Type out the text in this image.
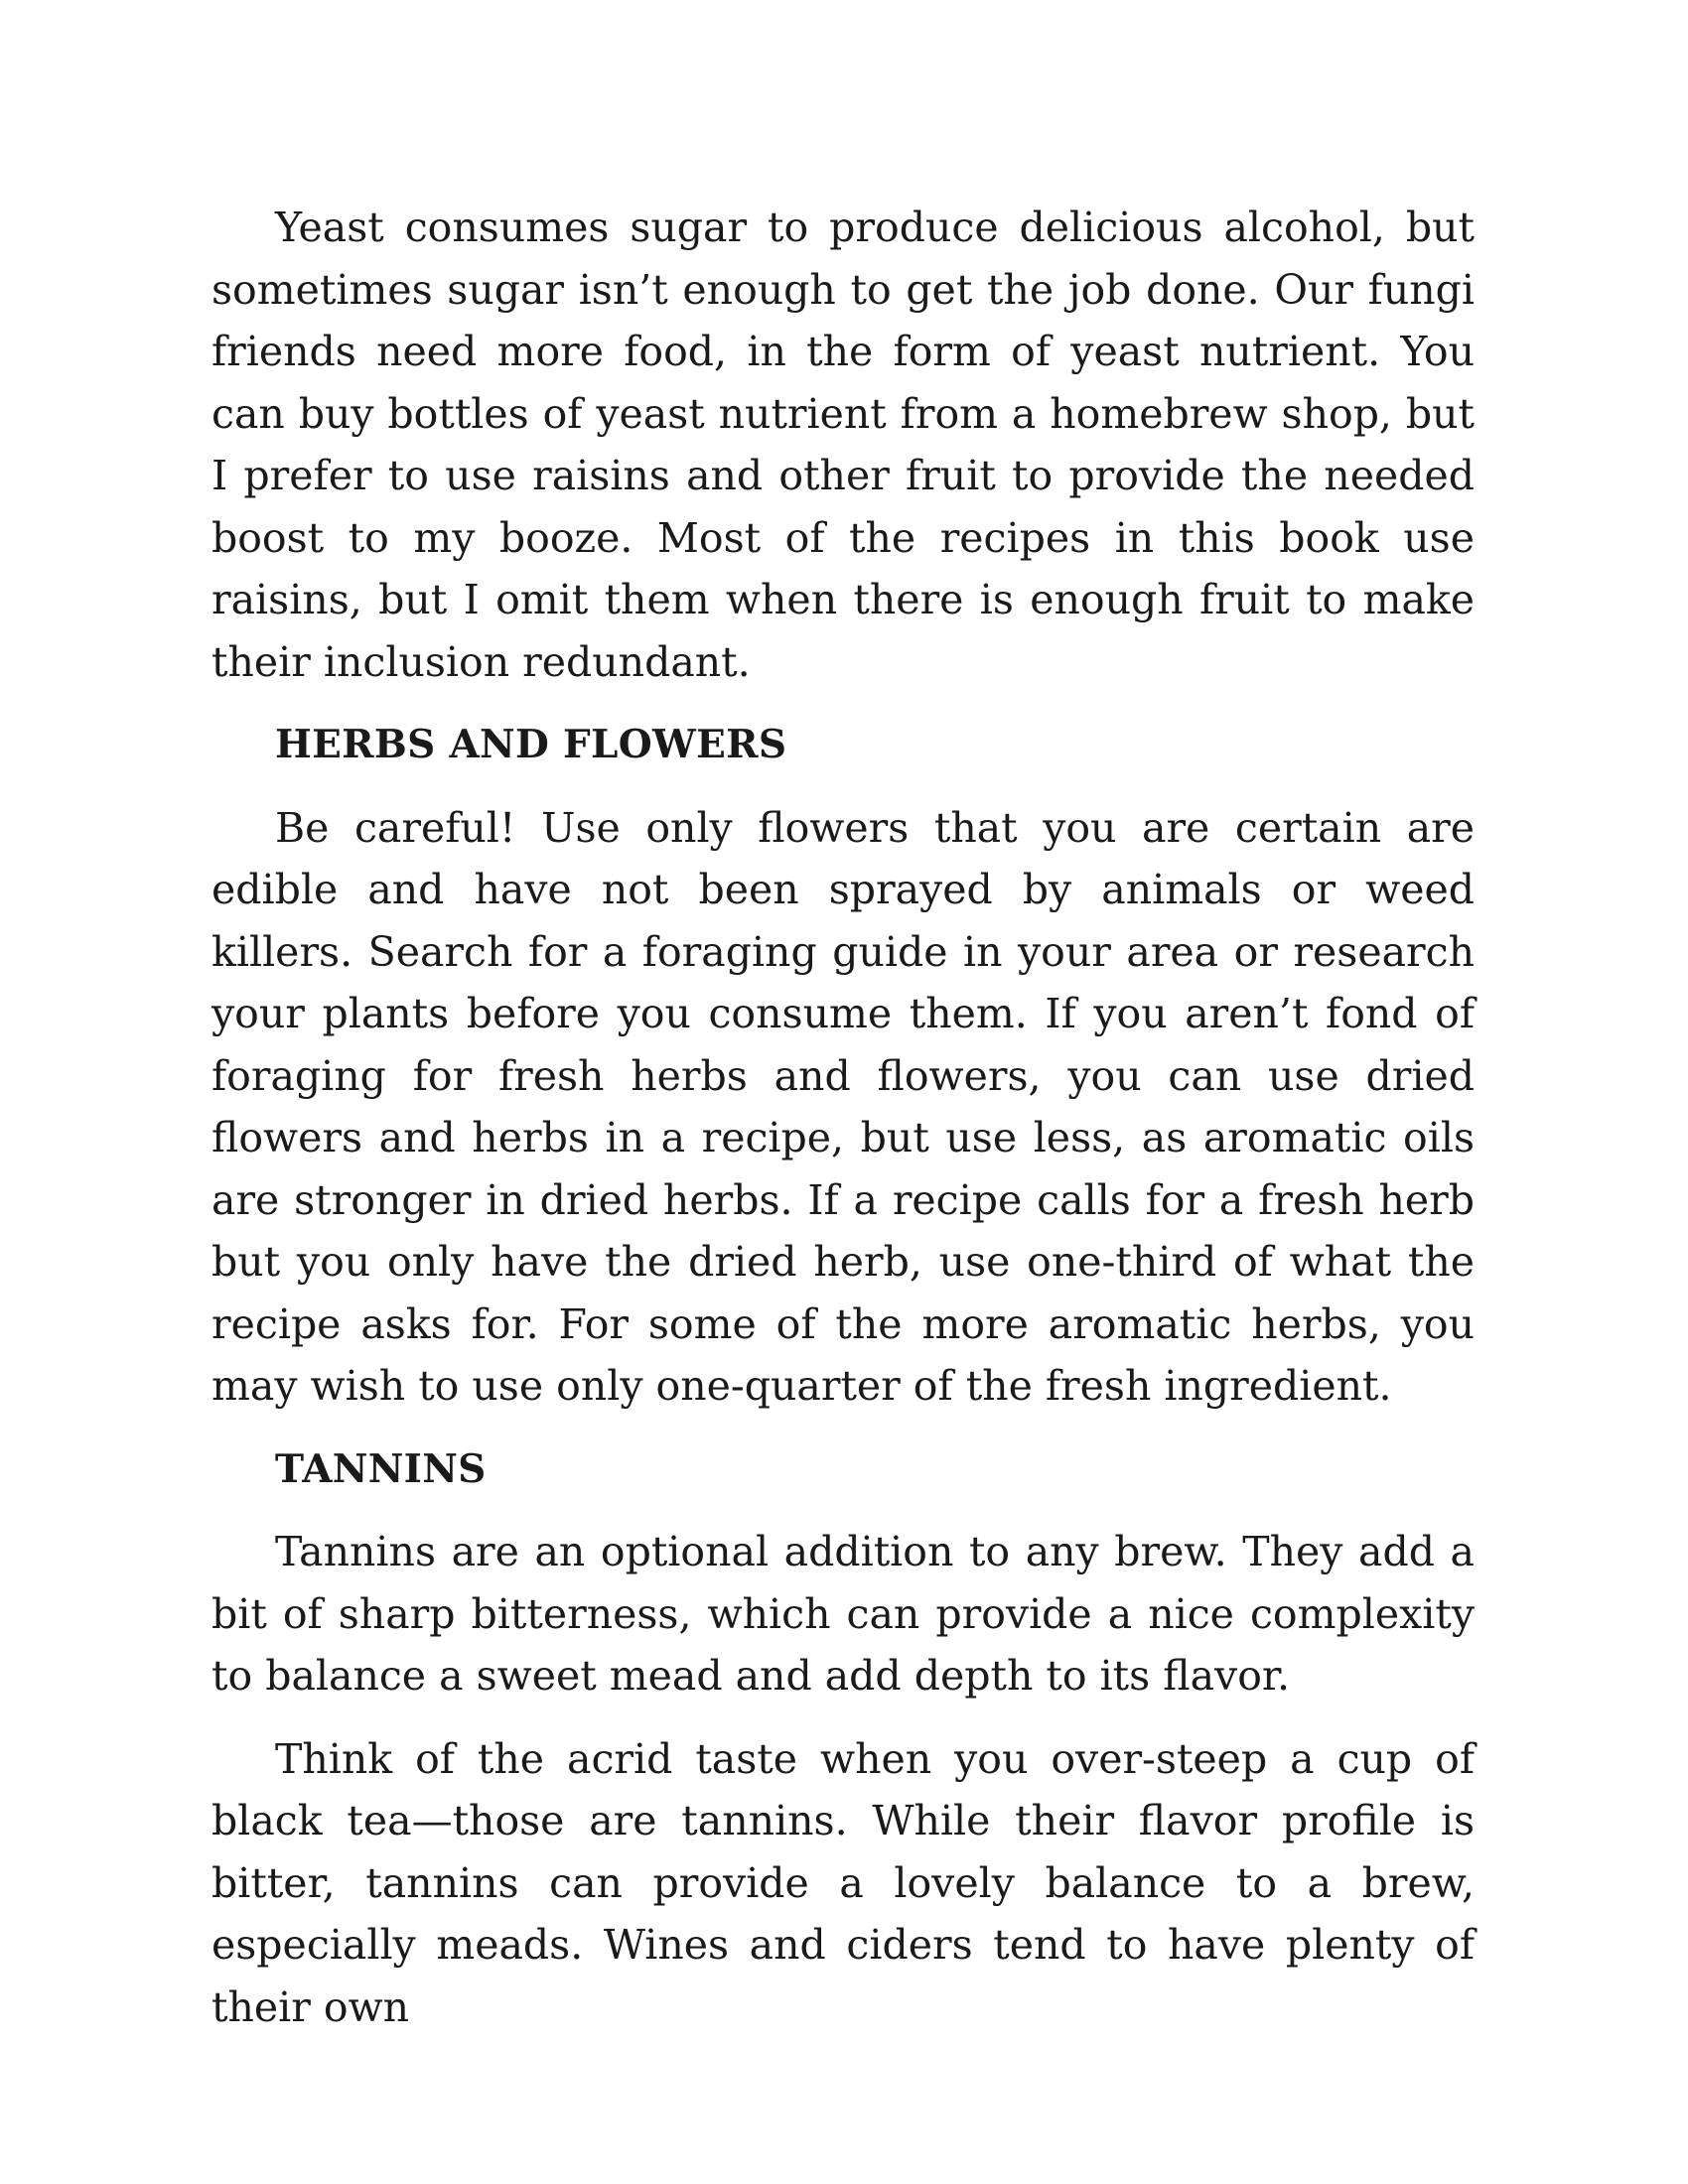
Yeast consumes sugar to produce delicious alcohol, but sometimes sugar isn’t enough to get the job done. Our fungi friends need more food, in the form of yeast nutrient. You can buy bottles of yeast nutrient from a homebrew shop, but I prefer to use raisins and other fruit to provide the needed boost to my booze. Most of the recipes in this book use raisins, but I omit them when there is enough fruit to make their inclusion redundant.

HERBS AND FLOWERS

Be careful! Use only flowers that you are certain are edible and have not been sprayed by animals or weed killers. Search for a foraging guide in your area or research your plants before you consume them. If you aren’t fond of foraging for fresh herbs and flowers, you can use dried flowers and herbs in a recipe, but use less, as aromatic oils are stronger in dried herbs. If a recipe calls for a fresh herb but you only have the dried herb, use one-third of what the recipe asks for. For some of the more aromatic herbs, you may wish to use only one-quarter of the fresh ingredient.

TANNINS

Tannins are an optional addition to any brew. They add a bit of sharp bitterness, which can provide a nice complexity to balance a sweet mead and add depth to its flavor.

Think of the acrid taste when you over-steep a cup of black tea—those are tannins. While their flavor profile is bitter, tannins can provide a lovely balance to a brew, especially meads. Wines and ciders tend to have plenty of their own
